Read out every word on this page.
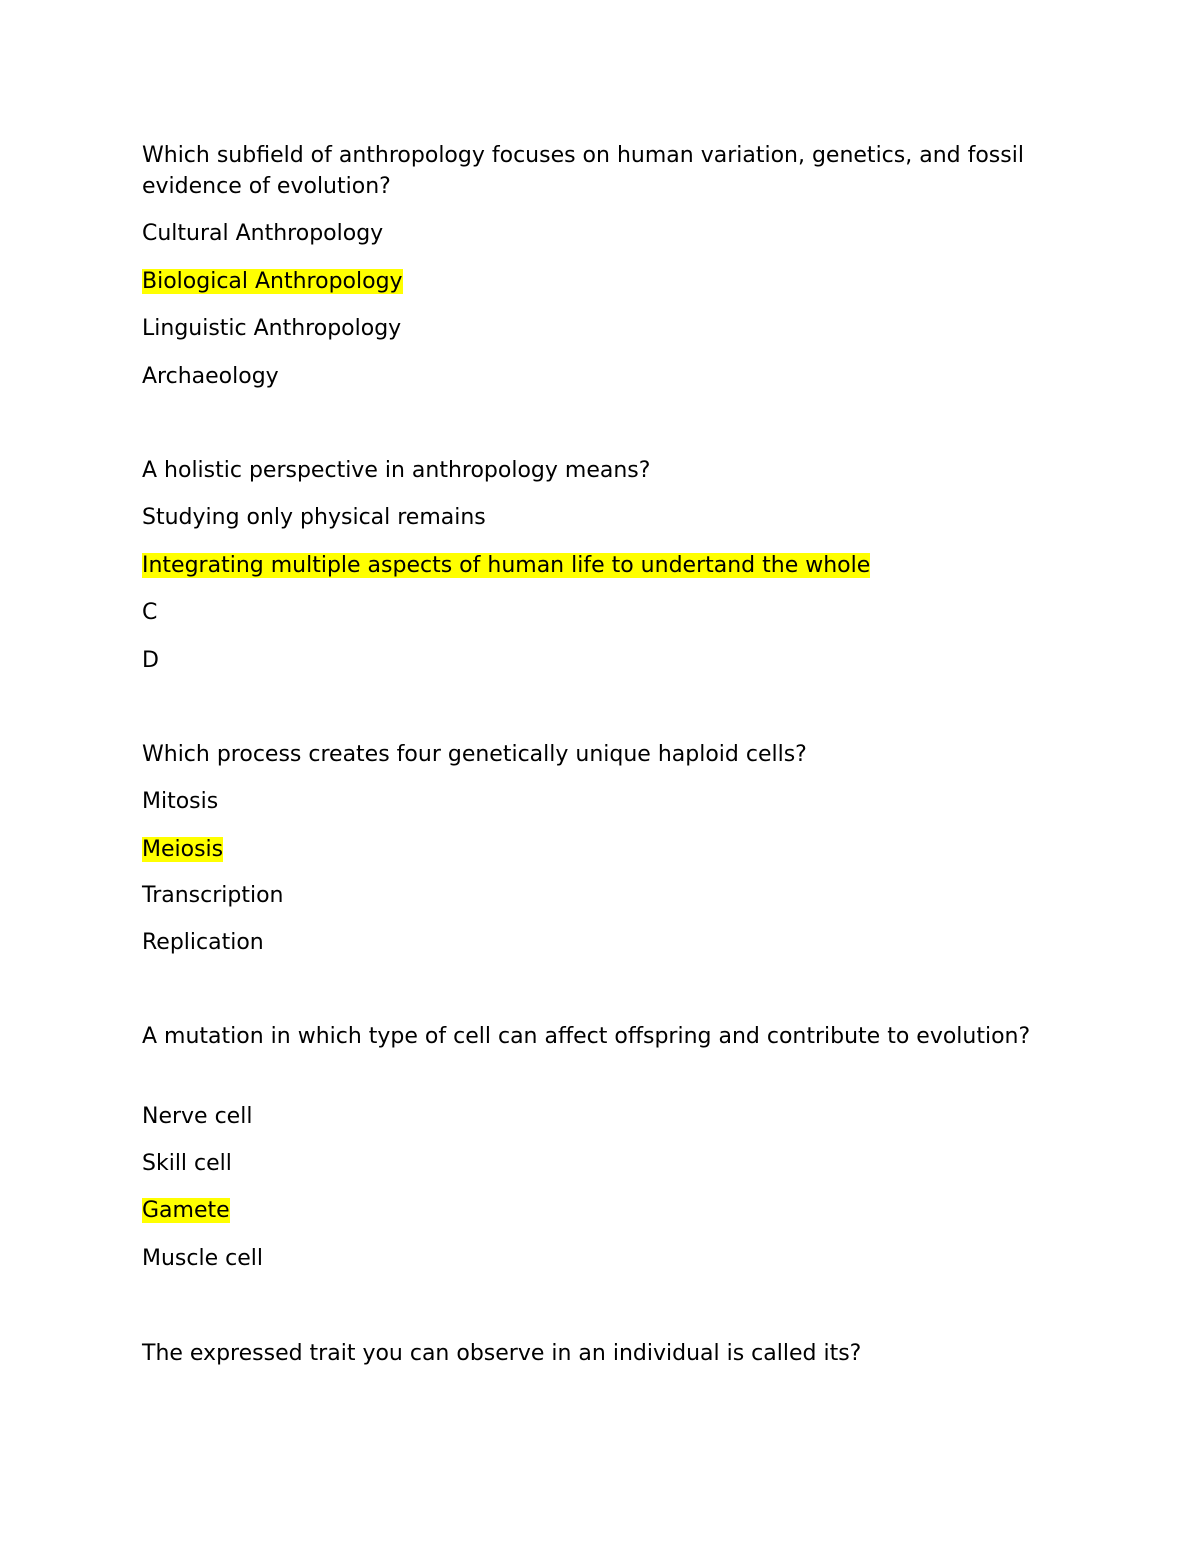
Which subfield of anthropology focuses on human variation, genetics, and fossil evidence of evolution?

Cultural Anthropology

Biological Anthropology

Linguistic Anthropology

Archaeology

A holistic perspective in anthropology means?

Studying only physical remains

Integrating multiple aspects of human life to undertand the whole

C

D

Which process creates four genetically unique haploid cells?

Mitosis

Meiosis

Transcription

Replication

A mutation in which type of cell can affect offspring and contribute to evolution?

Nerve cell

Skill cell

Gamete

Muscle cell

The expressed trait you can observe in an individual is called its?
